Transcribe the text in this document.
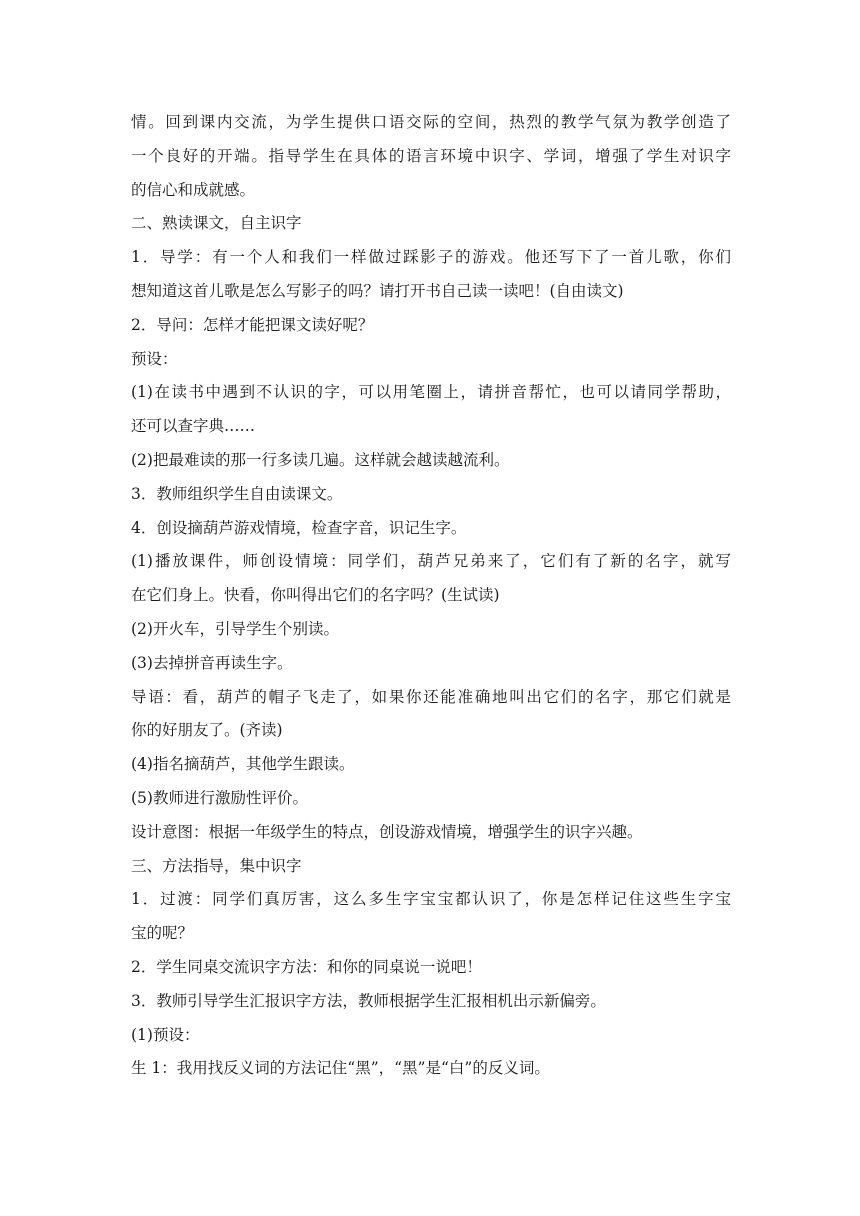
情。回到课内交流，为学生提供口语交际的空间，热烈的教学气氛为教学创造了
一个良好的开端。指导学生在具体的语言环境中识字、学词，增强了学生对识字
的信心和成就感。
二、熟读课文，自主识字
1．导学：有一个人和我们一样做过踩影子的游戏。他还写下了一首儿歌，你们
想知道这首儿歌是怎么写影子的吗？请打开书自己读一读吧！(自由读文)
2．导问：怎样才能把课文读好呢？
预设：
(1)在读书中遇到不认识的字，可以用笔圈上，请拼音帮忙，也可以请同学帮助，
还可以查字典……
(2)把最难读的那一行多读几遍。这样就会越读越流利。
3．教师组织学生自由读课文。
4．创设摘葫芦游戏情境，检查字音，识记生字。
(1)播放课件，师创设情境：同学们，葫芦兄弟来了，它们有了新的名字，就写
在它们身上。快看，你叫得出它们的名字吗？(生试读)
(2)开火车，引导学生个别读。
(3)去掉拼音再读生字。
导语：看，葫芦的帽子飞走了，如果你还能准确地叫出它们的名字，那它们就是
你的好朋友了。(齐读)
(4)指名摘葫芦，其他学生跟读。
(5)教师进行激励性评价。
设计意图：根据一年级学生的特点，创设游戏情境，增强学生的识字兴趣。
三、方法指导，集中识字
1．过渡：同学们真厉害，这么多生字宝宝都认识了，你是怎样记住这些生字宝
宝的呢？
2．学生同桌交流识字方法：和你的同桌说一说吧！
3．教师引导学生汇报识字方法，教师根据学生汇报相机出示新偏旁。
(1)预设：
生 1：我用找反义词的方法记住“黑”，“黑”是“白”的反义词。
